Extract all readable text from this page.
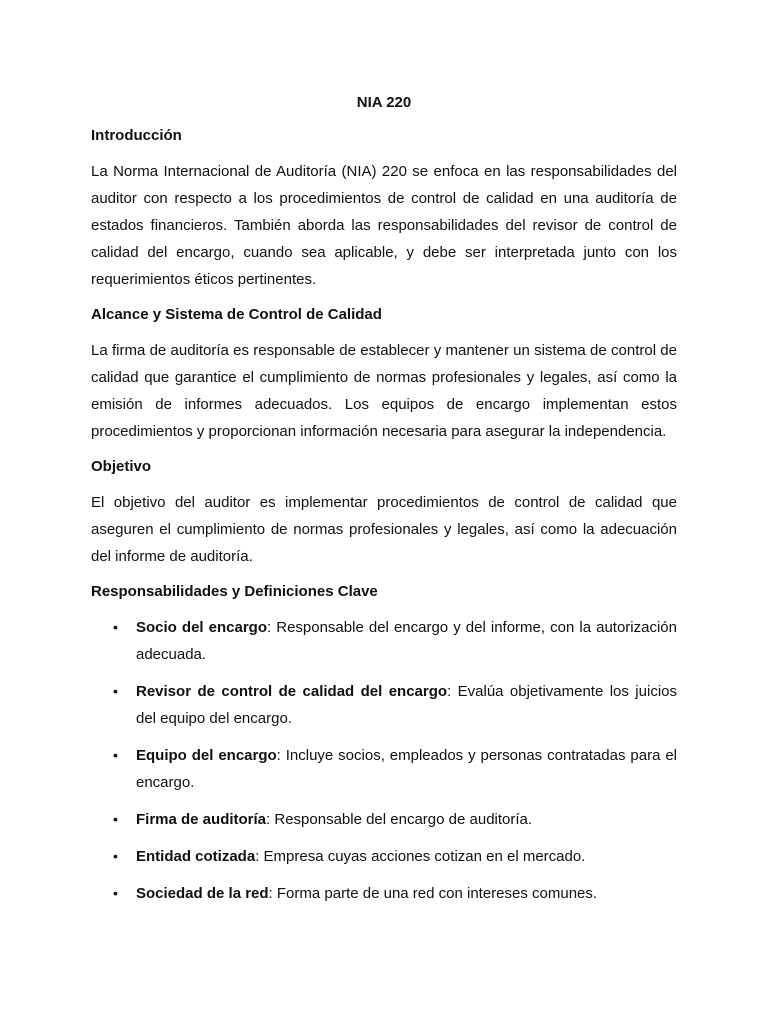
NIA 220
Introducción

La Norma Internacional de Auditoría (NIA) 220 se enfoca en las responsabilidades del auditor con respecto a los procedimientos de control de calidad en una auditoría de estados financieros. También aborda las responsabilidades del revisor de control de calidad del encargo, cuando sea aplicable, y debe ser interpretada junto con los requerimientos éticos pertinentes.

Alcance y Sistema de Control de Calidad

La firma de auditoría es responsable de establecer y mantener un sistema de control de calidad que garantice el cumplimiento de normas profesionales y legales, así como la emisión de informes adecuados. Los equipos de encargo implementan estos procedimientos y proporcionan información necesaria para asegurar la independencia.

Objetivo

El objetivo del auditor es implementar procedimientos de control de calidad que aseguren el cumplimiento de normas profesionales y legales, así como la adecuación del informe de auditoría.

Responsabilidades y Definiciones Clave
• Socio del encargo: Responsable del encargo y del informe, con la autorización adecuada.
• Revisor de control de calidad del encargo: Evalúa objetivamente los juicios del equipo del encargo.
• Equipo del encargo: Incluye socios, empleados y personas contratadas para el encargo.
• Firma de auditoría: Responsable del encargo de auditoría.
• Entidad cotizada: Empresa cuyas acciones cotizan en el mercado.
• Sociedad de la red: Forma parte de una red con intereses comunes.
